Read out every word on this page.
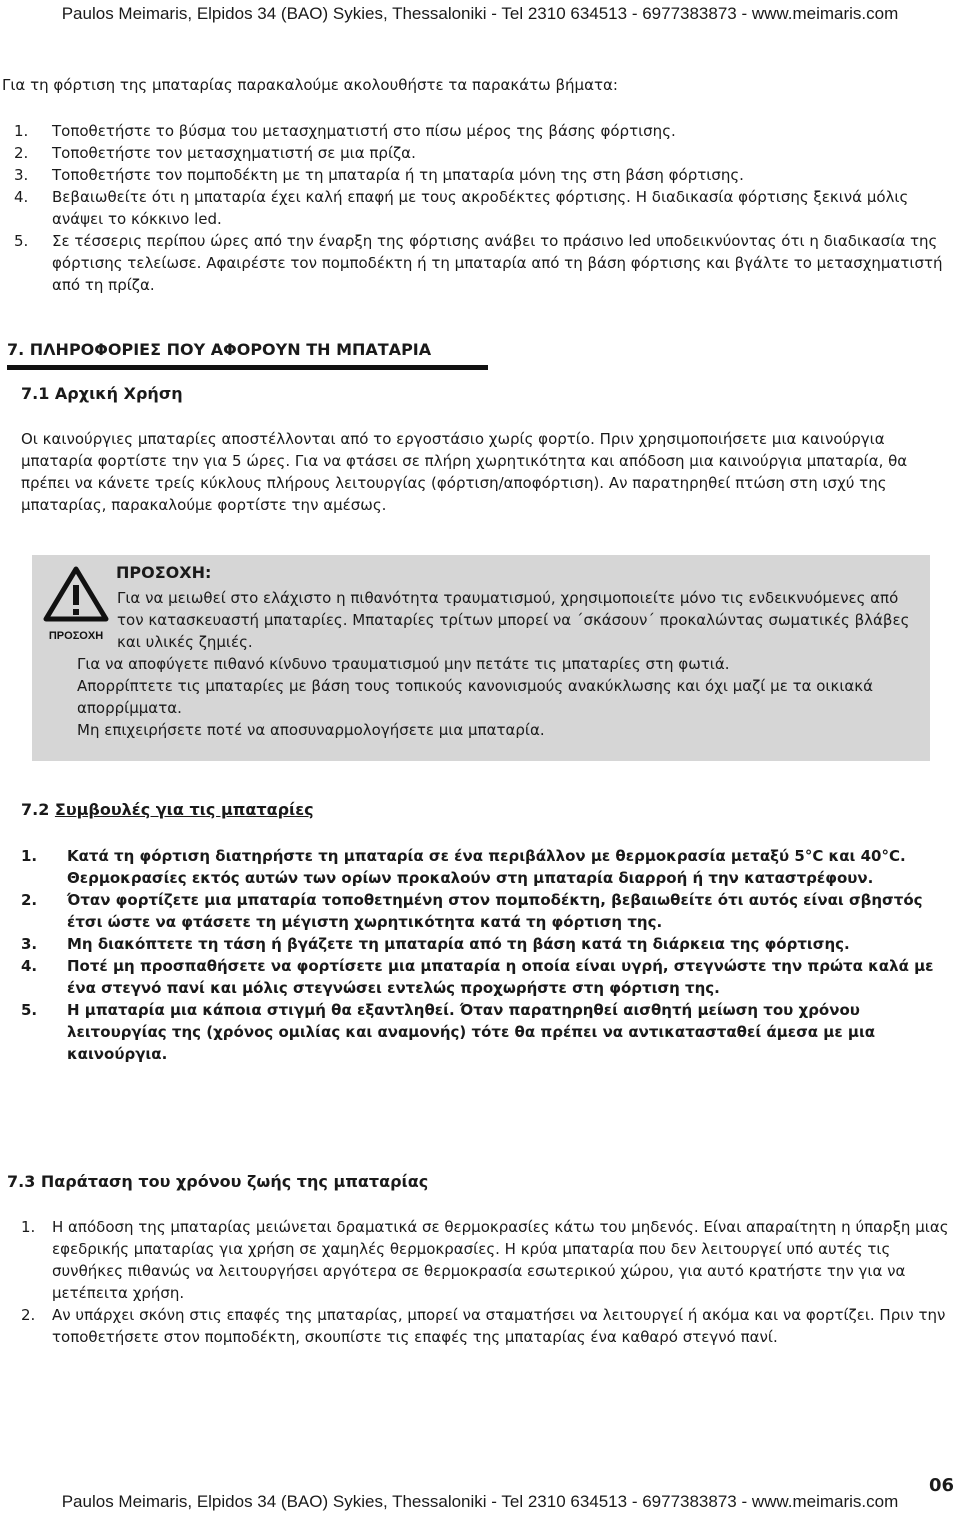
Paulos Meimaris, Elpidos 34 (BAO) Sykies, Thessaloniki - Tel 2310 634513 - 6977383873 - www.meimaris.com
Για τη φόρτιση της μπαταρίας παρακαλούμε ακολουθήστε τα παρακάτω βήματα:
1. Τοποθετήστε το βύσμα του μετασχηματιστή στο πίσω μέρος της βάσης φόρτισης.
2. Τοποθετήστε τον μετασχηματιστή σε μια πρίζα.
3. Τοποθετήστε τον πομποδέκτη με τη μπαταρία ή τη μπαταρία μόνη της στη βάση φόρτισης.
4. Βεβαιωθείτε ότι η μπαταρία έχει καλή επαφή με τους ακροδέκτες φόρτισης. Η διαδικασία φόρτισης ξεκινά μόλις ανάψει το κόκκινο led.
5. Σε τέσσερις περίπου ώρες από την έναρξη της φόρτισης ανάβει το πράσινο led υποδεικνύοντας ότι η διαδικασία της φόρτισης τελείωσε. Αφαιρέστε τον πομποδέκτη ή τη μπαταρία από τη βάση φόρτισης και βγάλτε το μετασχηματιστή από τη πρίζα.
7. ΠΛΗΡΟΦΟΡΙΕΣ ΠΟΥ ΑΦΟΡΟΥΝ ΤΗ ΜΠΑΤΑΡΙΑ
7.1 Αρχική Χρήση
Οι καινούργιες μπαταρίες αποστέλλονται από το εργοστάσιο χωρίς φορτίο. Πριν χρησιμοποιήσετε μια καινούργια μπαταρία φορτίστε την για 5 ώρες. Για να φτάσει σε πλήρη χωρητικότητα και απόδοση μια καινούργια μπαταρία, θα πρέπει να κάνετε τρείς κύκλους πλήρους λειτουργίας (φόρτιση/αποφόρτιση). Αν παρατηρηθεί πτώση στη ισχύ της μπαταρίας, παρακαλούμε φορτίστε την αμέσως.
ΠΡΟΣΟΧΗ
ΠΡΟΣΟΧΗ:
Για να μειωθεί στο ελάχιστο η πιθανότητα τραυματισμού, χρησιμοποιείτε μόνο τις ενδεικνυόμενες από τον κατασκευαστή μπαταρίες. Μπαταρίες τρίτων μπορεί να ΄σκάσουν΄ προκαλώντας σωματικές βλάβες και υλικές ζημιές.
Για να αποφύγετε πιθανό κίνδυνο τραυματισμού μην πετάτε τις μπαταρίες στη φωτιά.
Απορρίπτετε τις μπαταρίες με βάση τους τοπικούς κανονισμούς ανακύκλωσης και όχι μαζί με τα οικιακά απορρίμματα.
Μη επιχειρήσετε ποτέ να αποσυναρμολογήσετε μια μπαταρία.
7.2 Συμβουλές για τις μπαταρίες
1. Κατά τη φόρτιση διατηρήστε τη μπαταρία σε ένα περιβάλλον με θερμοκρασία μεταξύ 5°C και 40°C. Θερμοκρασίες εκτός αυτών των ορίων προκαλούν στη μπαταρία διαρροή ή την καταστρέφουν.
2. Όταν φορτίζετε μια μπαταρία τοποθετημένη στον πομποδέκτη, βεβαιωθείτε ότι αυτός είναι σβηστός έτσι ώστε να φτάσετε τη μέγιστη χωρητικότητα κατά τη φόρτιση της.
3. Μη διακόπτετε τη τάση ή βγάζετε τη μπαταρία από τη βάση κατά τη διάρκεια της φόρτισης.
4. Ποτέ μη προσπαθήσετε να φορτίσετε μια μπαταρία η οποία είναι υγρή, στεγνώστε την πρώτα καλά με ένα στεγνό πανί και μόλις στεγνώσει εντελώς προχωρήστε στη φόρτιση της.
5. Η μπαταρία μια κάποια στιγμή θα εξαντληθεί. Όταν παρατηρηθεί αισθητή μείωση του χρόνου λειτουργίας της (χρόνος ομιλίας και αναμονής) τότε θα πρέπει να αντικατασταθεί άμεσα με μια καινούργια.
7.3 Παράταση του χρόνου ζωής της μπαταρίας
1. Η απόδοση της μπαταρίας μειώνεται δραματικά σε θερμοκρασίες κάτω του μηδενός. Είναι απαραίτητη η ύπαρξη μιας εφεδρικής μπαταρίας για χρήση σε χαμηλές θερμοκρασίες. Η κρύα μπαταρία που δεν λειτουργεί υπό αυτές τις συνθήκες πιθανώς να λειτουργήσει αργότερα σε θερμοκρασία εσωτερικού χώρου, για αυτό κρατήστε την για να μετέπειτα χρήση.
2. Αν υπάρχει σκόνη στις επαφές της μπαταρίας, μπορεί να σταματήσει να λειτουργεί ή ακόμα και να φορτίζει. Πριν την τοποθετήσετε στον πομποδέκτη, σκουπίστε τις επαφές της μπαταρίας ένα καθαρό στεγνό πανί.
06
Paulos Meimaris, Elpidos 34 (BAO) Sykies, Thessaloniki - Tel 2310 634513 - 6977383873 - www.meimaris.com
